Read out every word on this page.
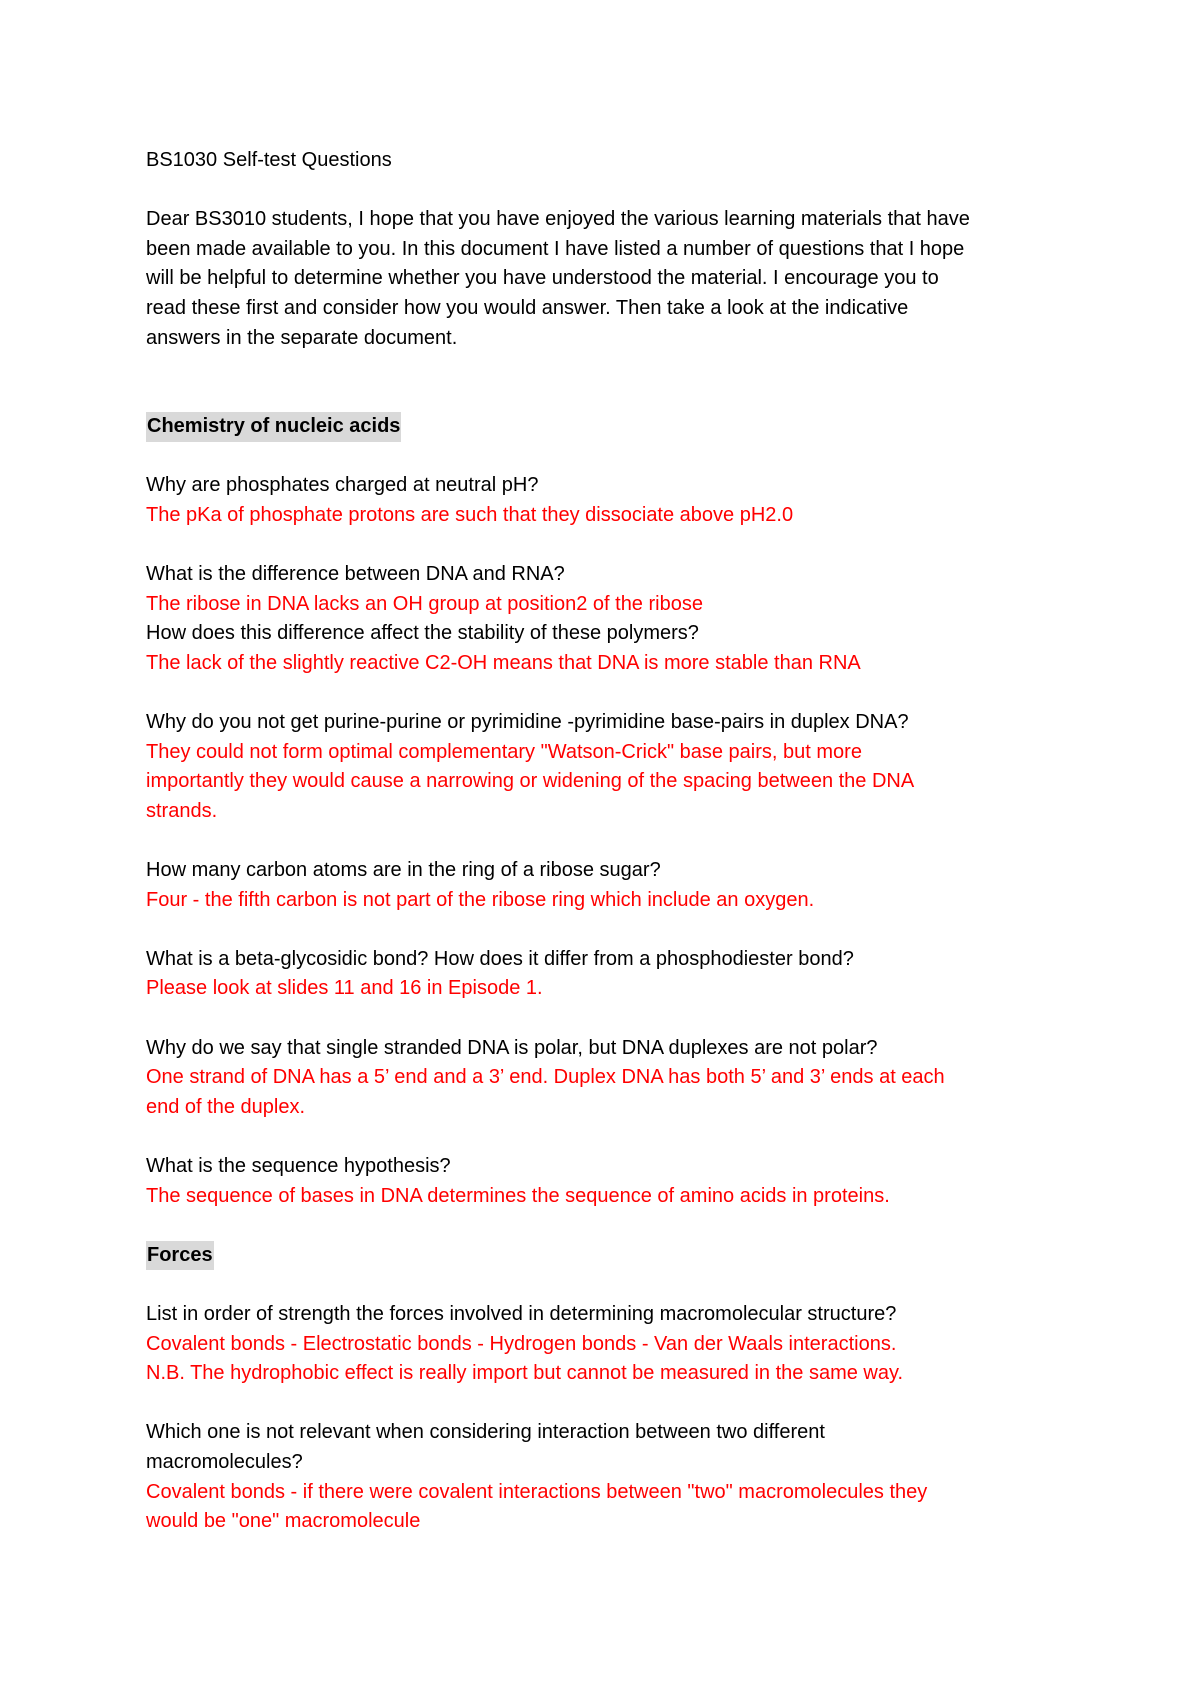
BS1030 Self-test Questions
Dear BS3010 students, I hope that you have enjoyed the various learning materials that have
been made available to you. In this document I have listed a number of questions that I hope
will be helpful to determine whether you have understood the material. I encourage you to
read these first and consider how you would answer. Then take a look at the indicative
answers in the separate document.
Chemistry of nucleic acids
Why are phosphates charged at neutral pH?
The pKa of phosphate protons are such that they dissociate above pH2.0
What is the difference between DNA and RNA?
The ribose in DNA lacks an OH group at position2 of the ribose
How does this difference affect the stability of these polymers?
The lack of the slightly reactive C2-OH means that DNA is more stable than RNA
Why do you not get purine-purine or pyrimidine -pyrimidine base-pairs in duplex DNA?
They could not form optimal complementary "Watson-Crick" base pairs, but more
importantly they would cause a narrowing or widening of the spacing between the DNA
strands.
How many carbon atoms are in the ring of a ribose sugar?
Four - the fifth carbon is not part of the ribose ring which include an oxygen.
What is a beta-glycosidic bond? How does it differ from a phosphodiester bond?
Please look at slides 11 and 16 in Episode 1.
Why do we say that single stranded DNA is polar, but DNA duplexes are not polar?
One strand of DNA has a 5’ end and a 3’ end. Duplex DNA has both 5’ and 3’ ends at each
end of the duplex.
What is the sequence hypothesis?
The sequence of bases in DNA determines the sequence of amino acids in proteins.
Forces
List in order of strength the forces involved in determining macromolecular structure?
Covalent bonds - Electrostatic bonds - Hydrogen bonds - Van der Waals interactions.
N.B. The hydrophobic effect is really import but cannot be measured in the same way.
Which one is not relevant when considering interaction between two different
macromolecules?
Covalent bonds - if there were covalent interactions between "two" macromolecules they
would be "one" macromolecule
